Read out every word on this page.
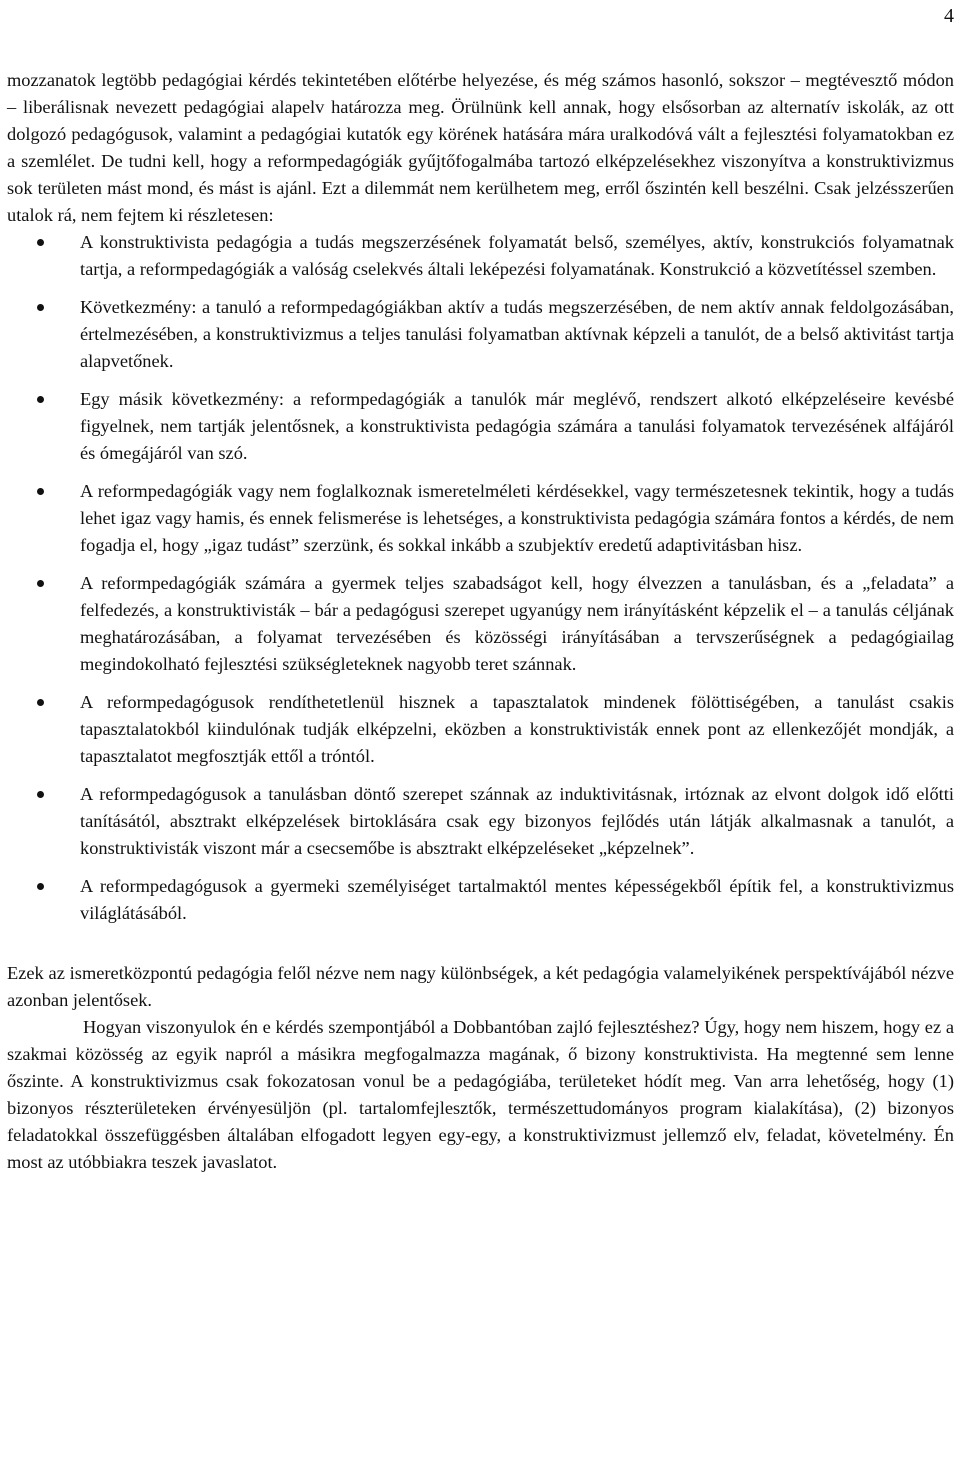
4

mozzanatok legtöbb pedagógiai kérdés tekintetében előtérbe helyezése, és még számos hasonló, sokszor – megtévesztő módon – liberálisnak nevezett pedagógiai alapelv határozza meg. Örülnünk kell annak, hogy elsősorban az alternatív iskolák, az ott dolgozó pedagógusok, valamint a pedagógiai kutatók egy körének hatására mára uralkodóvá vált a fejlesztési folyamatokban ez a szemlélet. De tudni kell, hogy a reformpedagógiák gyűjtőfogalmába tartozó elképzelésekhez viszonyítva a konstruktivizmus sok területen mást mond, és mást is ajánl. Ezt a dilemmát nem kerülhetem meg, erről őszintén kell beszélni. Csak jelzésszerűen utalok rá, nem fejtem ki részletesen:

A konstruktivista pedagógia a tudás megszerzésének folyamatát belső, személyes, aktív, konstrukciós folyamatnak tartja, a reformpedagógiák a valóság cselekvés általi leképezési folyamatának. Konstrukció a közvetítéssel szemben.
Következmény: a tanuló a reformpedagógiákban aktív a tudás megszerzésében, de nem aktív annak feldolgozásában, értelmezésében, a konstruktivizmus a teljes tanulási folyamatban aktívnak képzeli a tanulót, de a belső aktivitást tartja alapvetőnek.
Egy másik következmény: a reformpedagógiák a tanulók már meglévő, rendszert alkotó elképzeléseire kevésbé figyelnek, nem tartják jelentősnek, a konstruktivista pedagógia számára a tanulási folyamatok tervezésének alfájáról és ómegájáról van szó.
A reformpedagógiák vagy nem foglalkoznak ismeretelméleti kérdésekkel, vagy természetesnek tekintik, hogy a tudás lehet igaz vagy hamis, és ennek felismerése is lehetséges, a konstruktivista pedagógia számára fontos a kérdés, de nem fogadja el, hogy „igaz tudást” szerzünk, és sokkal inkább a szubjektív eredetű adaptivitásban hisz.
A reformpedagógiák számára a gyermek teljes szabadságot kell, hogy élvezzen a tanulásban, és a „feladata” a felfedezés, a konstruktivisták – bár a pedagógusi szerepet ugyanúgy nem irányításként képzelik el – a tanulás céljának meghatározásában, a folyamat tervezésében és közösségi irányításában a tervszerűségnek a pedagógiailag megindokolható fejlesztési szükségleteknek nagyobb teret szánnak.
A reformpedagógusok rendíthetetlenül hisznek a tapasztalatok mindenek fölöttiségében, a tanulást csakis tapasztalatokból kiindulónak tudják elképzelni, eközben a konstruktivisták ennek pont az ellenkezőjét mondják, a tapasztalatot megfosztják ettől a tróntól.
A reformpedagógusok a tanulásban döntő szerepet szánnak az induktivitásnak, irtóznak az elvont dolgok idő előtti tanításától, absztrakt elképzelések birtoklására csak egy bizonyos fejlődés után látják alkalmasnak a tanulót, a konstruktivisták viszont már a csecsemőbe is absztrakt elképzeléseket „képzelnek”.
A reformpedagógusok a gyermeki személyiséget tartalmaktól mentes képességekből építik fel, a konstruktivizmus világlátásából.

Ezek az ismeretközpontú pedagógia felől nézve nem nagy különbségek, a két pedagógia valamelyikének perspektívájából nézve azonban jelentősek.

Hogyan viszonyulok én e kérdés szempontjából a Dobbantóban zajló fejlesztéshez? Úgy, hogy nem hiszem, hogy ez a szakmai közösség az egyik napról a másikra megfogalmazza magának, ő bizony konstruktivista. Ha megtenné sem lenne őszinte. A konstruktivizmus csak fokozatosan vonul be a pedagógiába, területeket hódít meg. Van arra lehetőség, hogy (1) bizonyos részterületeken érvényesüljön (pl. tartalomfejlesztők, természettudományos program kialakítása), (2) bizonyos feladatokkal összefüggésben általában elfogadott legyen egy-egy, a konstruktivizmust jellemző elv, feladat, követelmény. Én most az utóbbiakra teszek javaslatot.
